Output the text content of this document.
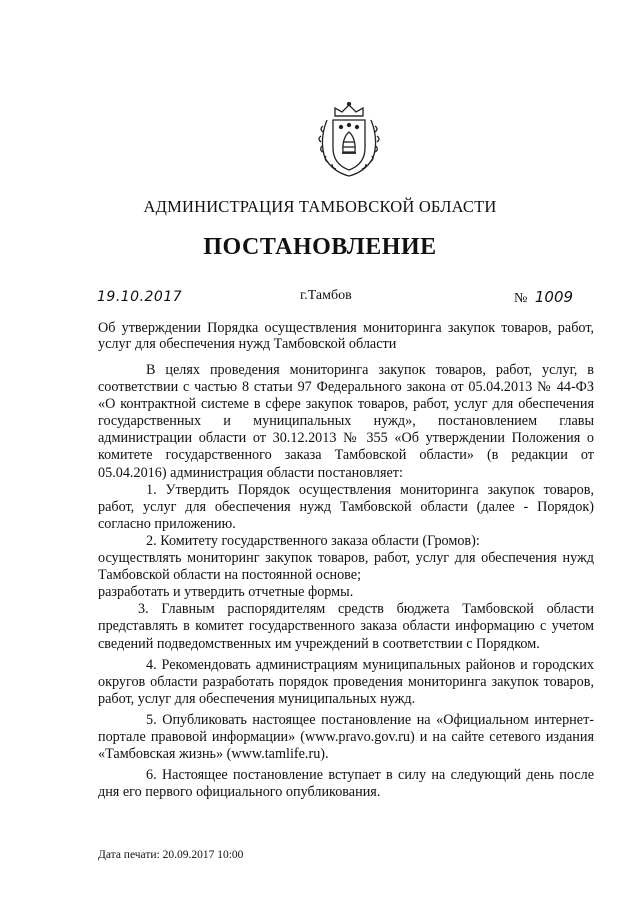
АДМИНИСТРАЦИЯ ТАМБОВСКОЙ ОБЛАСТИ
ПОСТАНОВЛЕНИЕ
19.10.2017	г.Тамбов	№ 1009
Об утверждении Порядка осуществления мониторинга закупок товаров, работ, услуг для обеспечения нужд Тамбовской области

В целях проведения мониторинга закупок товаров, работ, услуг, в соответствии с частью 8 статьи 97 Федерального закона от 05.04.2013 № 44-ФЗ «О контрактной системе в сфере закупок товаров, работ, услуг для обеспечения государственных и муниципальных нужд», постановлением главы администрации области от 30.12.2013 № 355 «Об утверждении Положения о комитете государственного заказа Тамбовской области» (в редакции от 05.04.2016) администрация области постановляет:

1. Утвердить Порядок осуществления мониторинга закупок товаров, работ, услуг для обеспечения нужд Тамбовской области (далее - Порядок) согласно приложению.

2. Комитету государственного заказа области (Громов):

осуществлять мониторинг закупок товаров, работ, услуг для обеспечения нужд Тамбовской области на постоянной основе;

разработать и утвердить отчетные формы.

3. Главным распорядителям средств бюджета Тамбовской области представлять в комитет государственного заказа области информацию с учетом сведений подведомственных им учреждений в соответствии с Порядком.

4. Рекомендовать администрациям муниципальных районов и городских округов области разработать порядок проведения мониторинга закупок товаров, работ, услуг для обеспечения муниципальных нужд.

5. Опубликовать настоящее постановление на «Официальном интернет-портале правовой информации» (www.pravo.gov.ru) и на сайте сетевого издания «Тамбовская жизнь» (www.tamlife.ru).

6. Настоящее постановление вступает в силу на следующий день после дня его первого официального опубликования.

Дата печати: 20.09.2017 10:00
